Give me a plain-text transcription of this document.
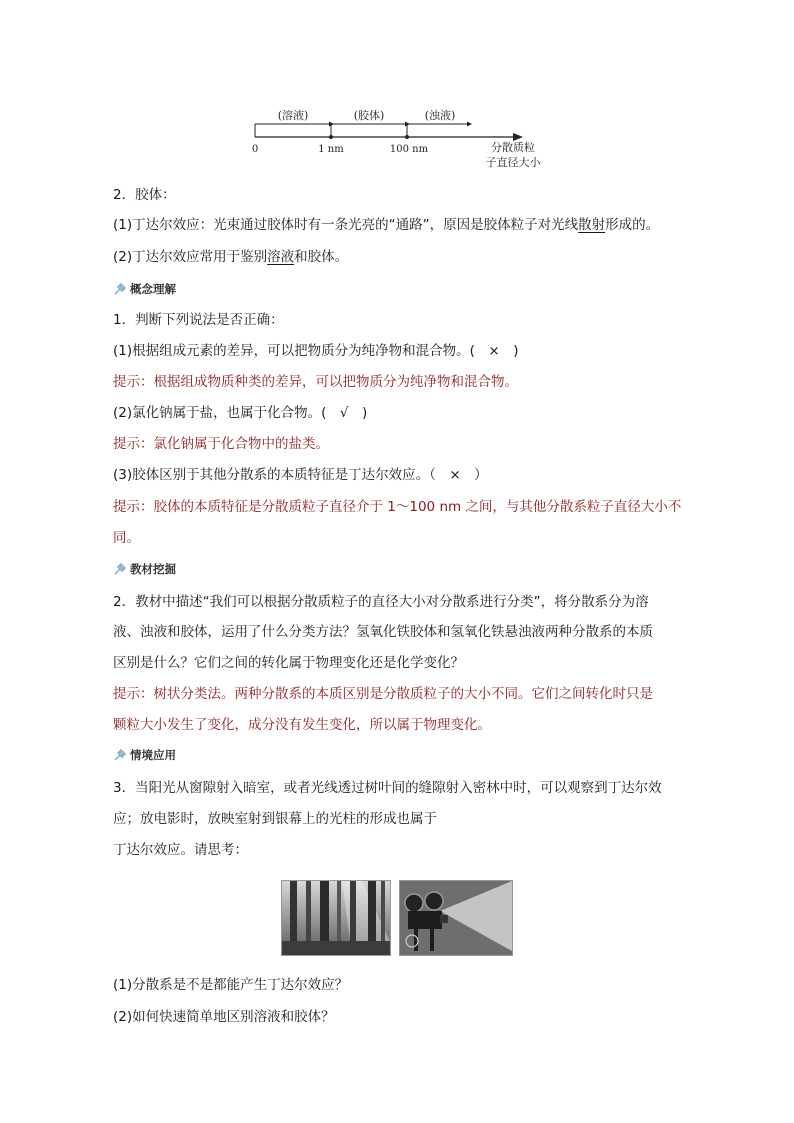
(溶液)	(胶体)	(浊液)
0	1 nm	100 nm	分散质粒
子直径大小
2．胶体：
(1)丁达尔效应：光束通过胶体时有一条光亮的“通路”，原因是胶体粒子对光线散射形成的。
(2)丁达尔效应常用于鉴别溶液和胶体。
概念理解
1．判断下列说法是否正确：
(1)根据组成元素的差异，可以把物质分为纯净物和混合物。(　×　)
提示：根据组成物质种类的差异，可以把物质分为纯净物和混合物。
(2)氯化钠属于盐，也属于化合物。(　√　)
提示：氯化钠属于化合物中的盐类。
(3)胶体区别于其他分散系的本质特征是丁达尔效应。（　×　）
提示：胶体的本质特征是分散质粒子直径介于 1～100 nm 之间，与其他分散系粒子直径大小不
同。
教材挖掘
2．教材中描述“我们可以根据分散质粒子的直径大小对分散系进行分类”，将分散系分为溶
液、浊液和胶体，运用了什么分类方法？氢氧化铁胶体和氢氧化铁悬浊液两种分散系的本质
区别是什么？它们之间的转化属于物理变化还是化学变化？
提示：树状分类法。两种分散系的本质区别是分散质粒子的大小不同。它们之间转化时只是
颗粒大小发生了变化，成分没有发生变化，所以属于物理变化。
情境应用
3．当阳光从窗隙射入暗室，或者光线透过树叶间的缝隙射入密林中时，可以观察到丁达尔效
应；放电影时，放映室射到银幕上的光柱的形成也属于
丁达尔效应。请思考：
(1)分散系是不是都能产生丁达尔效应？
(2)如何快速简单地区别溶液和胶体？
